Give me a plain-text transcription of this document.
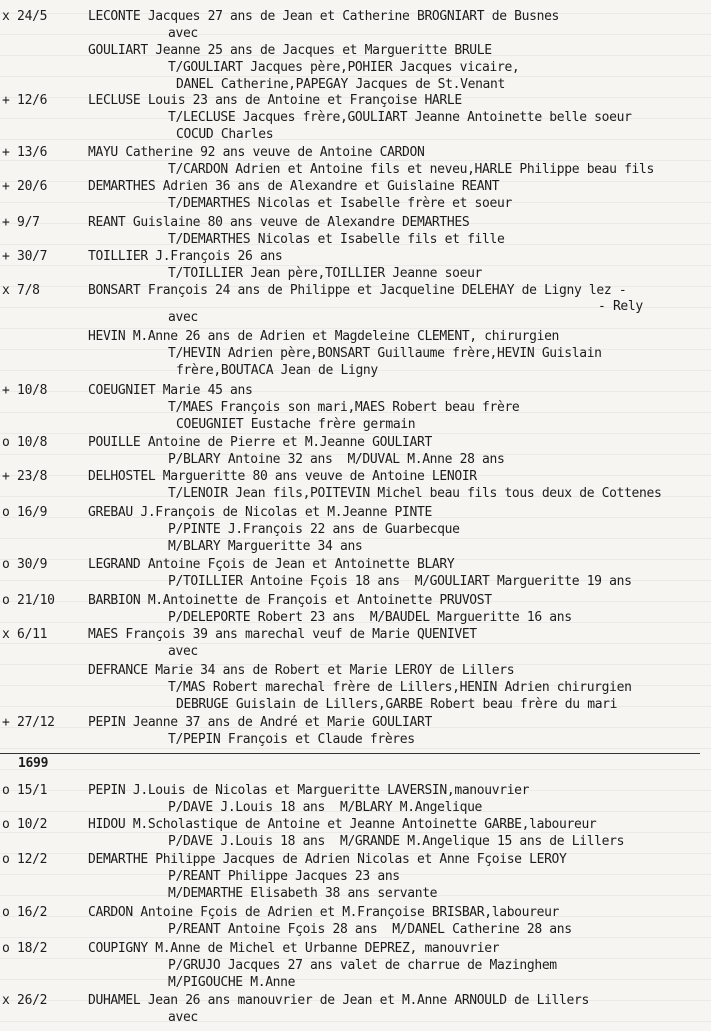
x 24/5	LECONTE Jacques 27 ans de Jean et Catherine BROGNIART de Busnes
avec
GOULIART Jeanne 25 ans de Jacques et Margueritte BRULE
T/GOULIART Jacques père,POHIER Jacques vicaire,
DANEL Catherine,PAPEGAY Jacques de St.Venant
+ 12/6	LECLUSE Louis 23 ans de Antoine et Françoise HARLE
T/LECLUSE Jacques frère,GOULIART Jeanne Antoinette belle soeur
COCUD Charles
+ 13/6	MAYU Catherine 92 ans veuve de Antoine CARDON
T/CARDON Adrien et Antoine fils et neveu,HARLE Philippe beau fils
+ 20/6	DEMARTHES Adrien 36 ans de Alexandre et Guislaine REANT
T/DEMARTHES Nicolas et Isabelle frère et soeur
+ 9/7	REANT Guislaine 80 ans veuve de Alexandre DEMARTHES
T/DEMARTHES Nicolas et Isabelle fils et fille
+ 30/7	TOILLIER J.François 26 ans
T/TOILLIER Jean père,TOILLIER Jeanne soeur
x 7/8	BONSART François 24 ans de Philippe et Jacqueline DELEHAY de Ligny lez -
- Rely
avec
HEVIN M.Anne 26 ans de Adrien et Magdeleine CLEMENT, chirurgien
T/HEVIN Adrien père,BONSART Guillaume frère,HEVIN Guislain
frère,BOUTACA Jean de Ligny
+ 10/8	COEUGNIET Marie 45 ans
T/MAES François son mari,MAES Robert beau frère
COEUGNIET Eustache frère germain
o 10/8	POUILLE Antoine de Pierre et M.Jeanne GOULIART
P/BLARY Antoine 32 ans  M/DUVAL M.Anne 28 ans
+ 23/8	DELHOSTEL Margueritte 80 ans veuve de Antoine LENOIR
T/LENOIR Jean fils,POITEVIN Michel beau fils tous deux de Cottenes
o 16/9	GREBAU J.François de Nicolas et M.Jeanne PINTE
P/PINTE J.François 22 ans de Guarbecque
M/BLARY Margueritte 34 ans
o 30/9	LEGRAND Antoine Fçois de Jean et Antoinette BLARY
P/TOILLIER Antoine Fçois 18 ans  M/GOULIART Margueritte 19 ans
o 21/10	BARBION M.Antoinette de François et Antoinette PRUVOST
P/DELEPORTE Robert 23 ans  M/BAUDEL Margueritte 16 ans
x 6/11	MAES François 39 ans marechal veuf de Marie QUENIVET
avec
DEFRANCE Marie 34 ans de Robert et Marie LEROY de Lillers
T/MAS Robert marechal frère de Lillers,HENIN Adrien chirurgien
DEBRUGE Guislain de Lillers,GARBE Robert beau frère du mari
+ 27/12	PEPIN Jeanne 37 ans de André et Marie GOULIART
T/PEPIN François et Claude frères
o 15/1	PEPIN J.Louis de Nicolas et Margueritte LAVERSIN,manouvrier
P/DAVE J.Louis 18 ans  M/BLARY M.Angelique
o 10/2	HIDOU M.Scholastique de Antoine et Jeanne Antoinette GARBE,laboureur
P/DAVE J.Louis 18 ans  M/GRANDE M.Angelique 15 ans de Lillers
o 12/2	DEMARTHE Philippe Jacques de Adrien Nicolas et Anne Fçoise LEROY
P/REANT Philippe Jacques 23 ans
M/DEMARTHE Elisabeth 38 ans servante
o 16/2	CARDON Antoine Fçois de Adrien et M.Françoise BRISBAR,laboureur
P/REANT Antoine Fçois 28 ans  M/DANEL Catherine 28 ans
o 18/2	COUPIGNY M.Anne de Michel et Urbanne DEPREZ, manouvrier
P/GRUJO Jacques 27 ans valet de charrue de Mazinghem
M/PIGOUCHE M.Anne
x 26/2	DUHAMEL Jean 26 ans manouvrier de Jean et M.Anne ARNOULD de Lillers
avec
1699
